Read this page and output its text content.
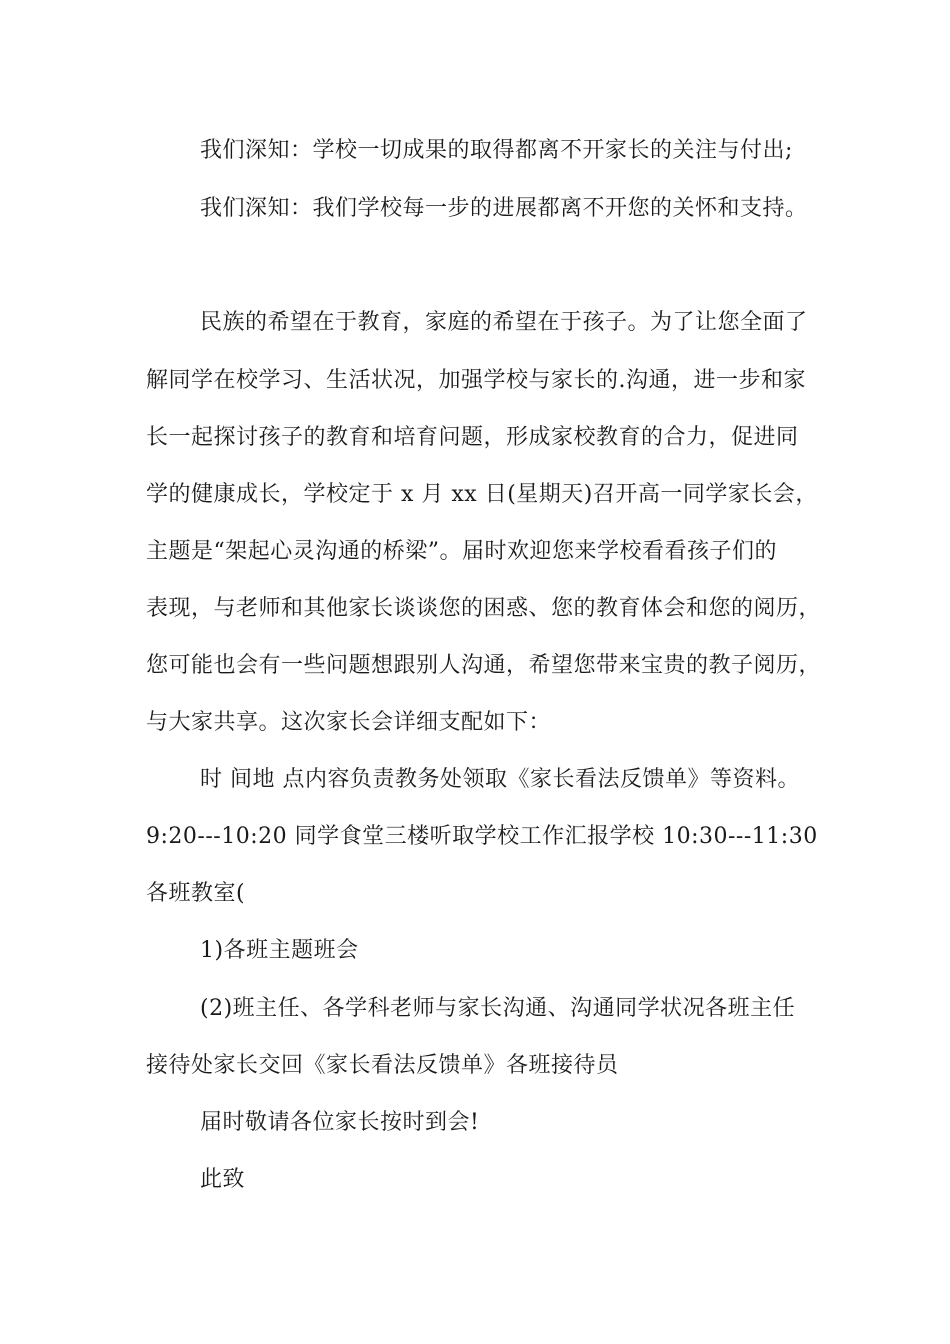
我们深知：学校一切成果的取得都离不开家长的关注与付出;
我们深知：我们学校每一步的进展都离不开您的关怀和支持。
民族的希望在于教育，家庭的希望在于孩子。为了让您全面了
解同学在校学习、生活状况，加强学校与家长的.沟通，进一步和家
长一起探讨孩子的教育和培育问题，形成家校教育的合力，促进同
学的健康成长，学校定于 x 月 xx 日(星期天)召开高一同学家长会，
主题是“架起心灵沟通的桥梁”。届时欢迎您来学校看看孩子们的
表现，与老师和其他家长谈谈您的困惑、您的教育体会和您的阅历，
您可能也会有一些问题想跟别人沟通，希望您带来宝贵的教子阅历，
与大家共享。这次家长会详细支配如下：
时 间地 点内容负责教务处领取《家长看法反馈单》等资料。
9:20---10:20 同学食堂三楼听取学校工作汇报学校 10:30---11:30
各班教室(
1)各班主题班会
(2)班主任、各学科老师与家长沟通、沟通同学状况各班主任
接待处家长交回《家长看法反馈单》各班接待员
届时敬请各位家长按时到会!
此致
